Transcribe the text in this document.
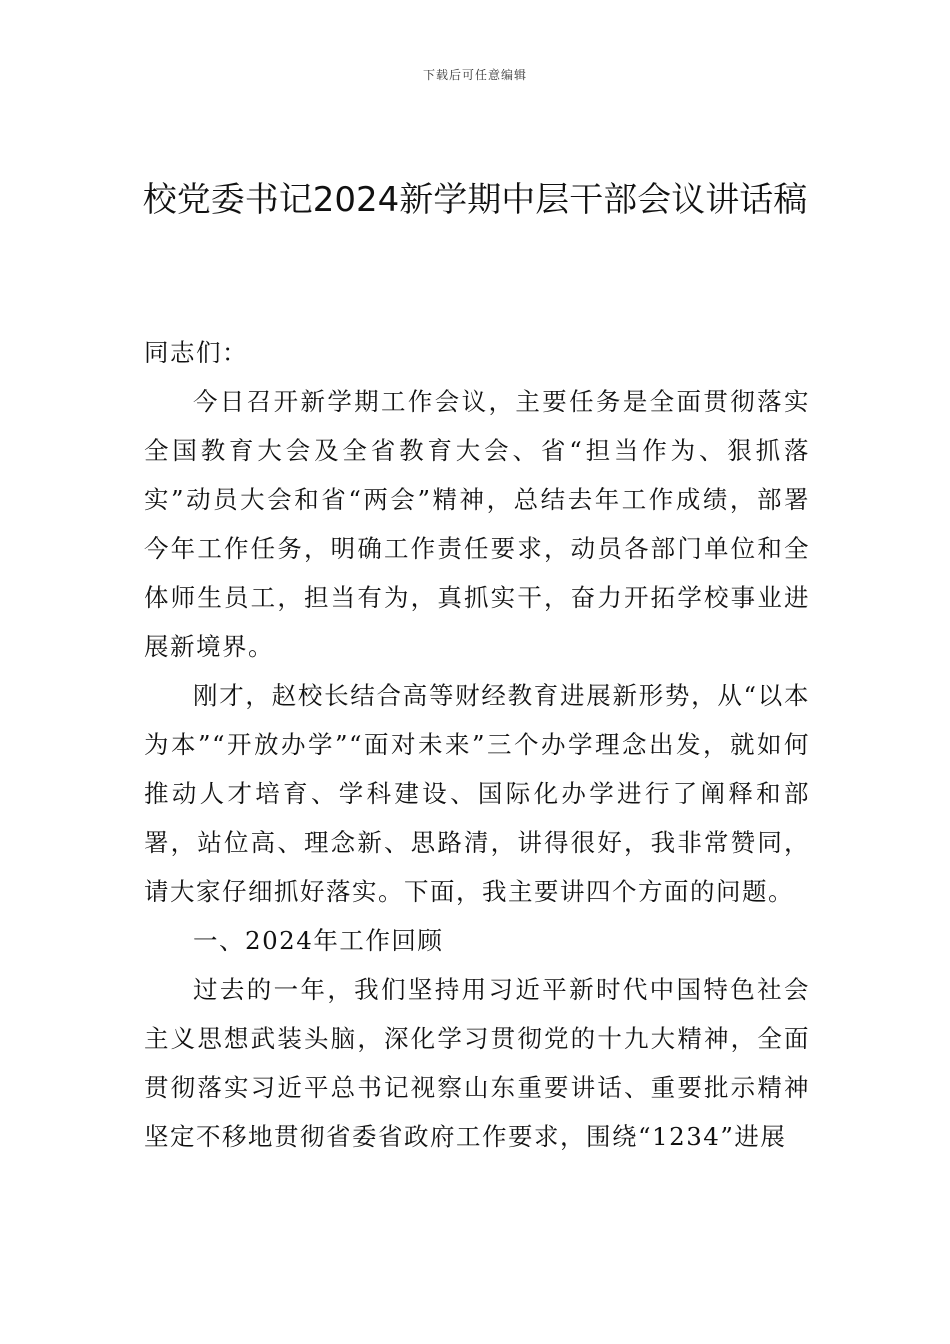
下载后可任意编辑
校党委书记2024新学期中层干部会议讲话稿

同志们：

今日召开新学期工作会议，主要任务是全面贯彻落实全国教育大会及全省教育大会、省“担当作为、狠抓落实”动员大会和省“两会”精神，总结去年工作成绩，部署今年工作任务，明确工作责任要求，动员各部门单位和全体师生员工，担当有为，真抓实干，奋力开拓学校事业进展新境界。

刚才，赵校长结合高等财经教育进展新形势，从“以本为本”“开放办学”“面对未来”三个办学理念出发，就如何推动人才培育、学科建设、国际化办学进行了阐释和部署，站位高、理念新、思路清，讲得很好，我非常赞同，请大家仔细抓好落实。下面，我主要讲四个方面的问题。

一、2024年工作回顾

过去的一年，我们坚持用习近平新时代中国特色社会主义思想武装头脑，深化学习贯彻党的十九大精神，全面贯彻落实习近平总书记视察山东重要讲话、重要批示精神坚定不移地贯彻省委省政府工作要求，围绕“1234”进展
